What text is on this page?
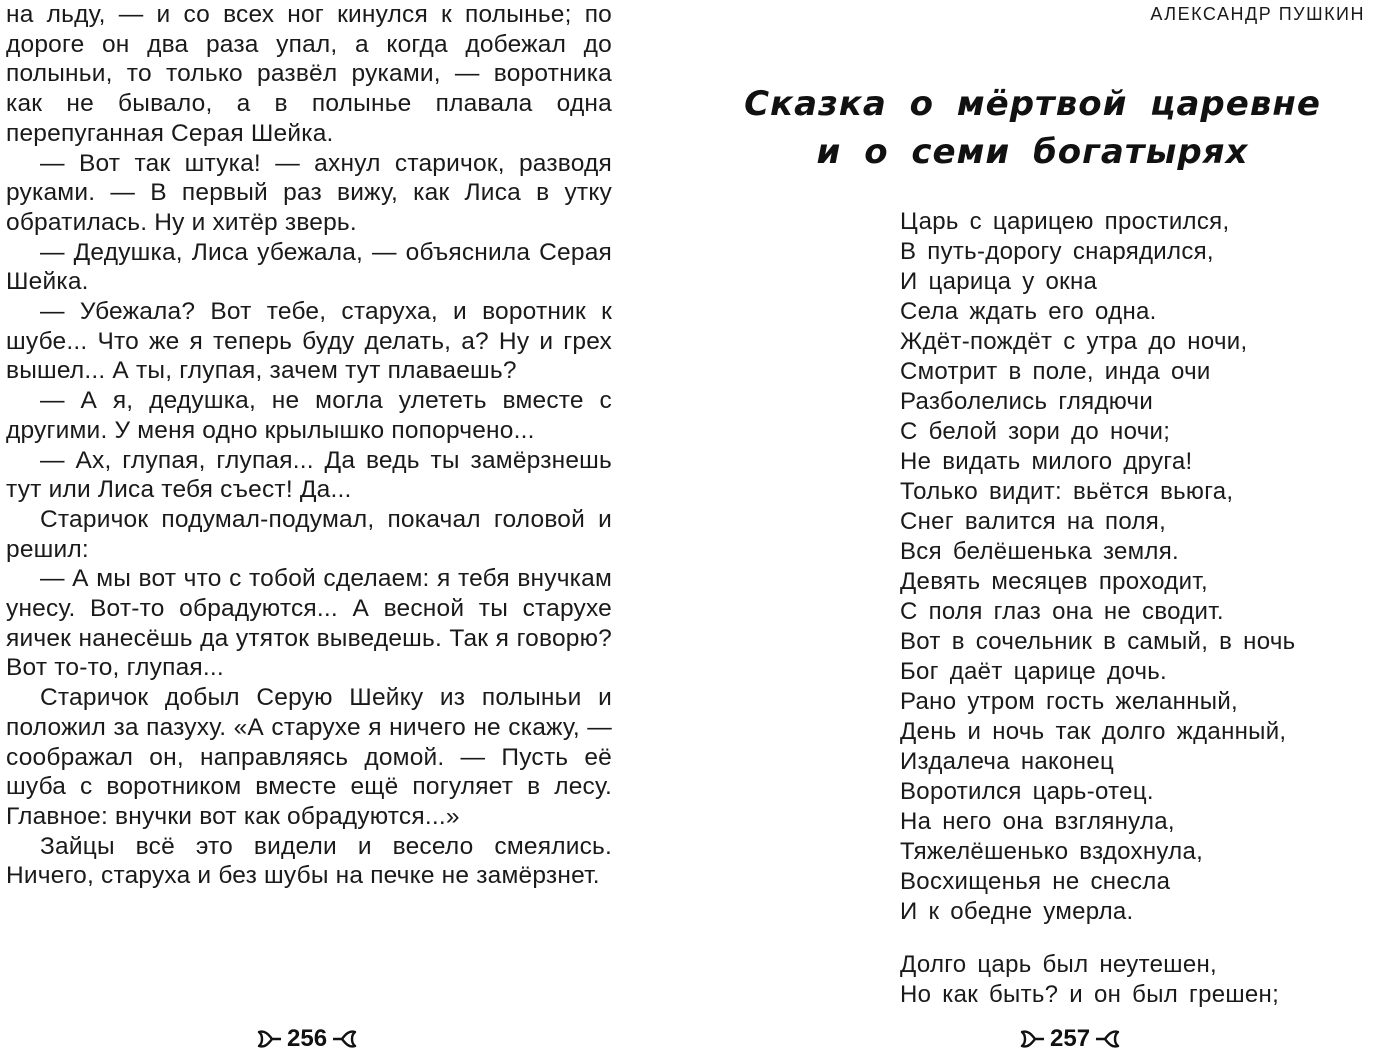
на льду, — и со всех ног кинулся к полынье; по дороге он два раза упал, а когда добежал до полыньи, то только развёл руками, — воротника как не бывало, а в полынье плавала одна перепуганная Серая Шейка.

— Вот так штука! — ахнул старичок, разводя руками. — В первый раз вижу, как Лиса в утку обратилась. Ну и хитёр зверь.

— Дедушка, Лиса убежала, — объяснила Серая Шейка.

— Убежала? Вот тебе, старуха, и воротник к шубе... Что же я теперь буду делать, а? Ну и грех вышел... А ты, глупая, зачем тут плаваешь?

— А я, дедушка, не могла улететь вместе с другими. У меня одно крылышко попорчено...

— Ах, глупая, глупая... Да ведь ты замёрзнешь тут или Лиса тебя съест! Да...

Старичок подумал-подумал, покачал головой и решил:

— А мы вот что с тобой сделаем: я тебя внучкам унесу. Вот-то обрадуются... А весной ты старухе яичек нанесёшь да утяток выведешь. Так я говорю? Вот то-то, глупая...

Старичок добыл Серую Шейку из полыньи и положил за пазуху. «А старухе я ничего не скажу, — соображал он, направляясь домой. — Пусть её шуба с воротником вместе ещё погуляет в лесу. Главное: внучки вот как обрадуются...»

Зайцы всё это видели и весело смеялись. Ничего, старуха и без шубы на печке не замёрзнет.

256
АЛЕКСАНДР ПУШКИН
Сказка о мёртвой царевне
и о семи богатырях
Царь с царицею простился,
В путь-дорогу снарядился,
И царица у окна
Села ждать его одна.
Ждёт-пождёт с утра до ночи,
Смотрит в поле, инда очи
Разболелись глядючи
С белой зори до ночи;
Не видать милого друга!
Только видит: вьётся вьюга,
Снег валится на поля,
Вся белёшенька земля.
Девять месяцев проходит,
С поля глаз она не сводит.
Вот в сочельник в самый, в ночь
Бог даёт царице дочь.
Рано утром гость желанный,
День и ночь так долго жданный,
Издалеча наконец
Воротился царь-отец.
На него она взглянула,
Тяжелёшенько вздохнула,
Восхищенья не снесла
И к обедне умерла.
Долго царь был неутешен,
Но как быть? и он был грешен;
257
